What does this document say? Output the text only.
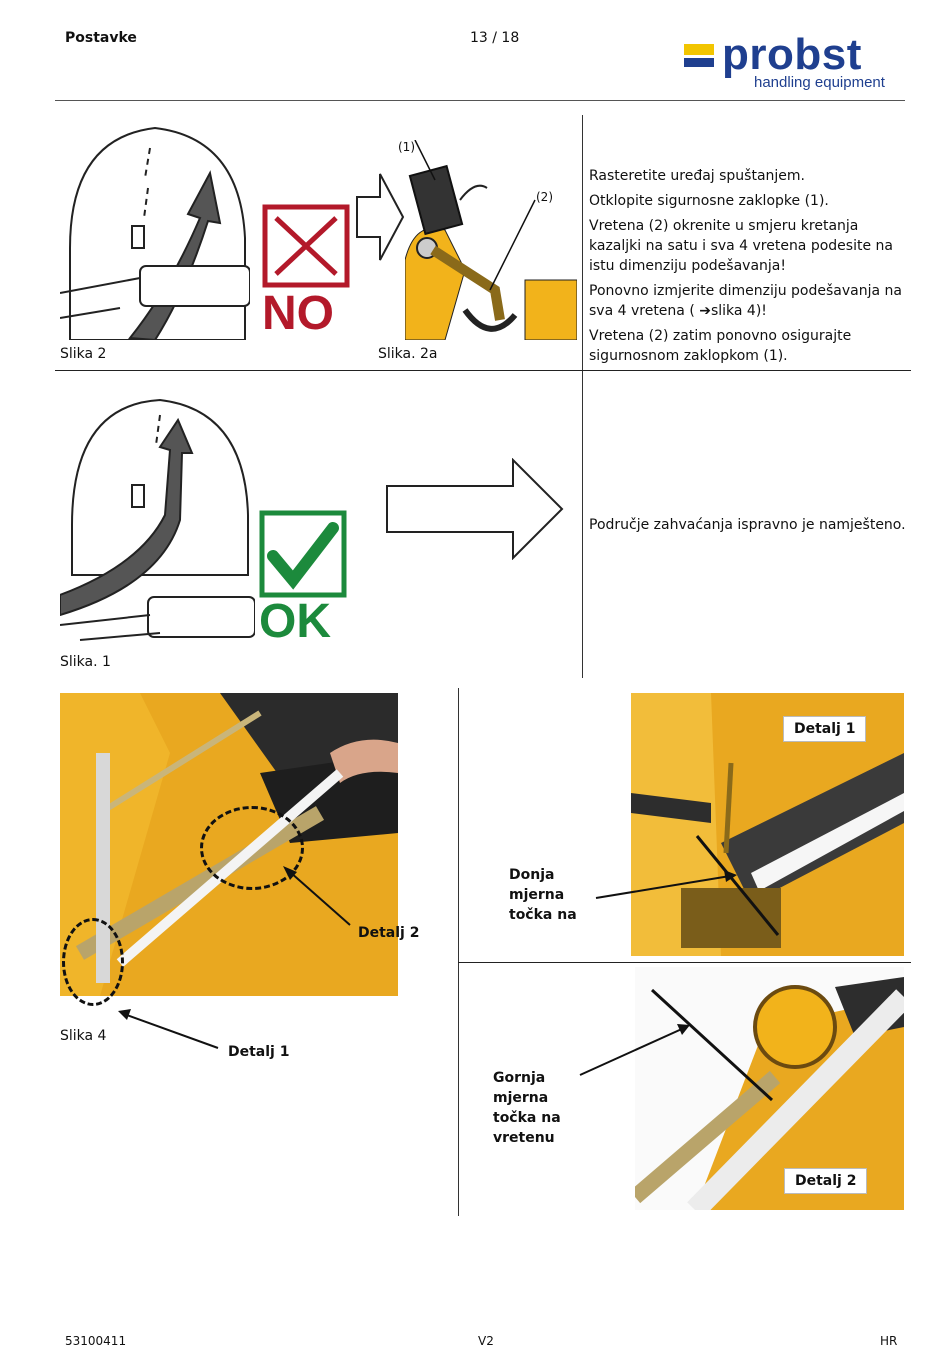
Postavke	13 / 18	probst
handling equipment
NO
(1)
(2)
Slika 2	Slika. 2a
Rasteretite uređaj spuštanjem.
Otklopite sigurnosne zaklopke (1).
Vretena (2) okrenite u smjeru kretanja kazaljki na satu i sva 4 vretena podesite na istu dimenziju podešavanja!
Ponovno izmjerite dimenziju podešavanja na sva 4 vretena ( ➔slika 4)!
Vretena (2) zatim ponovno osigurajte sigurnosnom zaklopkom (1).
OK
Slika. 1
Područje zahvaćanja ispravno je namješteno.
Detalj 2
Slika 4
Detalj 1
Detalj 1
Detalj 2
Donja mjerna točka na
Gornja mjerna točka na vretenu
53100411	V2	HR
